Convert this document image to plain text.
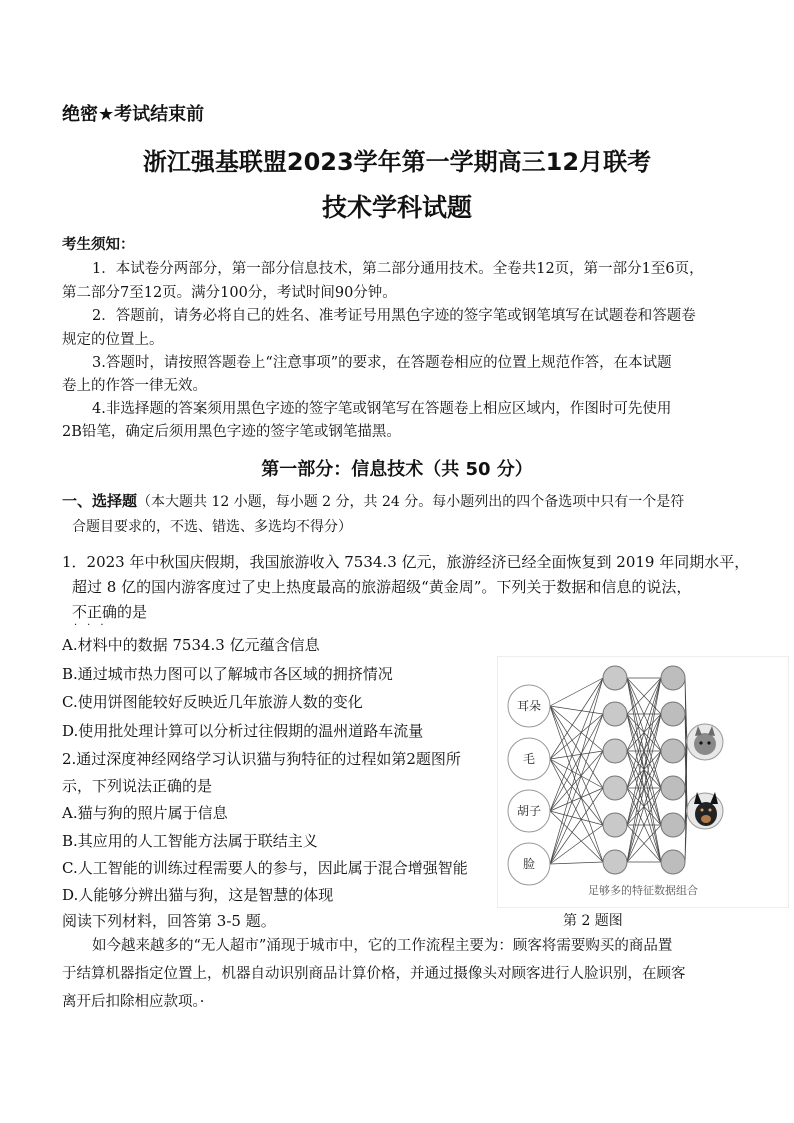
绝密★考试结束前
浙江强基联盟2023学年第一学期高三12月联考
技术学科试题
考生须知：
1．本试卷分两部分，第一部分信息技术，第二部分通用技术。全卷共12页，第一部分1至6页，
第二部分7至12页。满分100分，考试时间90分钟。
2．答题前，请务必将自己的姓名、准考证号用黑色字迹的签字笔或钢笔填写在试题卷和答题卷
规定的位置上。
3.答题时，请按照答题卷上“注意事项”的要求，在答题卷相应的位置上规范作答，在本试题
卷上的作答一律无效。
4.非选择题的答案须用黑色字迹的签字笔或钢笔写在答题卷上相应区域内，作图时可先使用
2B铅笔，确定后须用黑色字迹的签字笔或钢笔描黑。
第一部分：信息技术（共 50 分）
一、选择题（本大题共 12 小题，每小题 2 分，共 24 分。每小题列出的四个备选项中只有一个是符
合题目要求的，不选、错选、多选均不得分）
1．2023 年中秋国庆假期，我国旅游收入 7534.3 亿元，旅游经济已经全面恢复到 2019 年同期水平，
超过 8 亿的国内游客度过了史上热度最高的旅游超级“黄金周”。下列关于数据和信息的说法，
不正确的是
·​·​·
A.材料中的数据 7534.3 亿元蕴含信息
B.通过城市热力图可以了解城市各区域的拥挤情况
C.使用饼图能较好反映近几年旅游人数的变化
D.使用批处理计算可以分析过往假期的温州道路车流量
2.通过深度神经网络学习认识猫与狗特征的过程如第2题图所
示，下列说法正确的是
A.猫与狗的照片属于信息
B.其应用的人工智能方法属于联结主义
C.人工智能的训练过程需要人的参与，因此属于混合增强智能
D.人能够分辨出猫与狗，这是智慧的体现
耳朵
毛
胡子
脸
足够多的特征数据组合
第 2 题图
阅读下列材料，回答第 3-5 题。
如今越来越多的“无人超市”涌现于城市中，它的工作流程主要为：顾客将需要购买的商品置
于结算机器指定位置上，机器自动识别商品计算价格，并通过摄像头对顾客进行人脸识别，在顾客
离开后扣除相应款项。·
